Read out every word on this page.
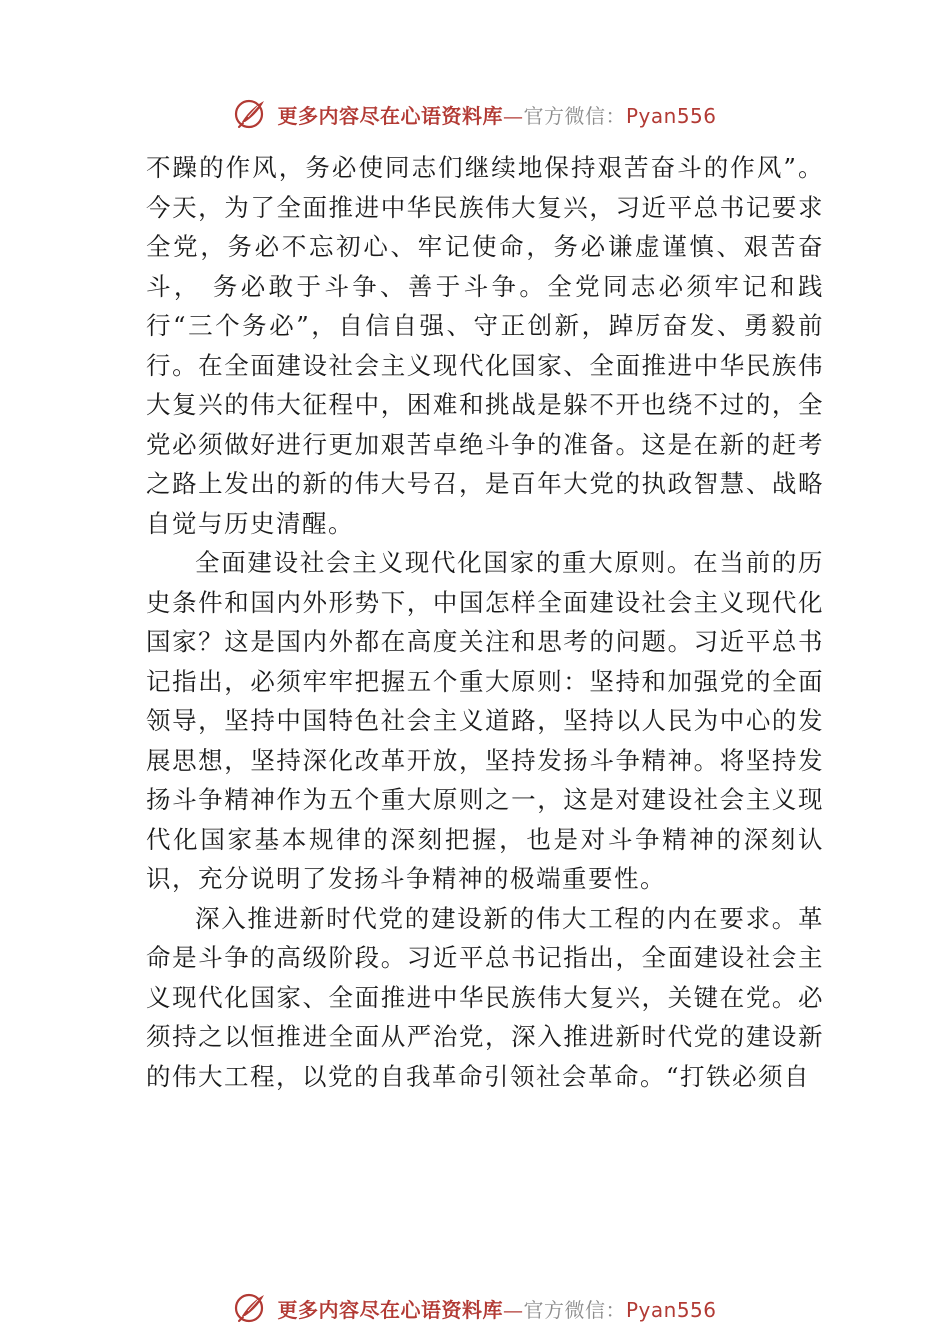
更多内容尽在心语资料库—官方微信：Pyan556

不躁的作风，务必使同志们继续地保持艰苦奋斗的作风”。 今天，为了全面推进中华民族伟大复兴，习近平总书记要求全党，务必不忘初心、牢记使命，务必谦虚谨慎、艰苦奋斗， 务必敢于斗争、善于斗争。全党同志必须牢记和践行“三个务必”，自信自强、守正创新，踔厉奋发、勇毅前行。在全面建设社会主义现代化国家、全面推进中华民族伟大复兴的伟大征程中，困难和挑战是躲不开也绕不过的，全党必须做好进行更加艰苦卓绝斗争的准备。这是在新的赶考之路上发出的新的伟大号召，是百年大党的执政智慧、战略自觉与历史清醒。

全面建设社会主义现代化国家的重大原则。在当前的历史条件和国内外形势下，中国怎样全面建设社会主义现代化国家？这是国内外都在高度关注和思考的问题。习近平总书记指出，必须牢牢把握五个重大原则：坚持和加强党的全面领导，坚持中国特色社会主义道路，坚持以人民为中心的发展思想，坚持深化改革开放，坚持发扬斗争精神。将坚持发扬斗争精神作为五个重大原则之一，这是对建设社会主义现代化国家基本规律的深刻把握，也是对斗争精神的深刻认识，充分说明了发扬斗争精神的极端重要性。

深入推进新时代党的建设新的伟大工程的内在要求。革命是斗争的高级阶段。习近平总书记指出，全面建设社会主义现代化国家、全面推进中华民族伟大复兴，关键在党。必须持之以恒推进全面从严治党，深入推进新时代党的建设新的伟大工程，以党的自我革命引领社会革命。“打铁必须自

更多内容尽在心语资料库—官方微信：Pyan556
